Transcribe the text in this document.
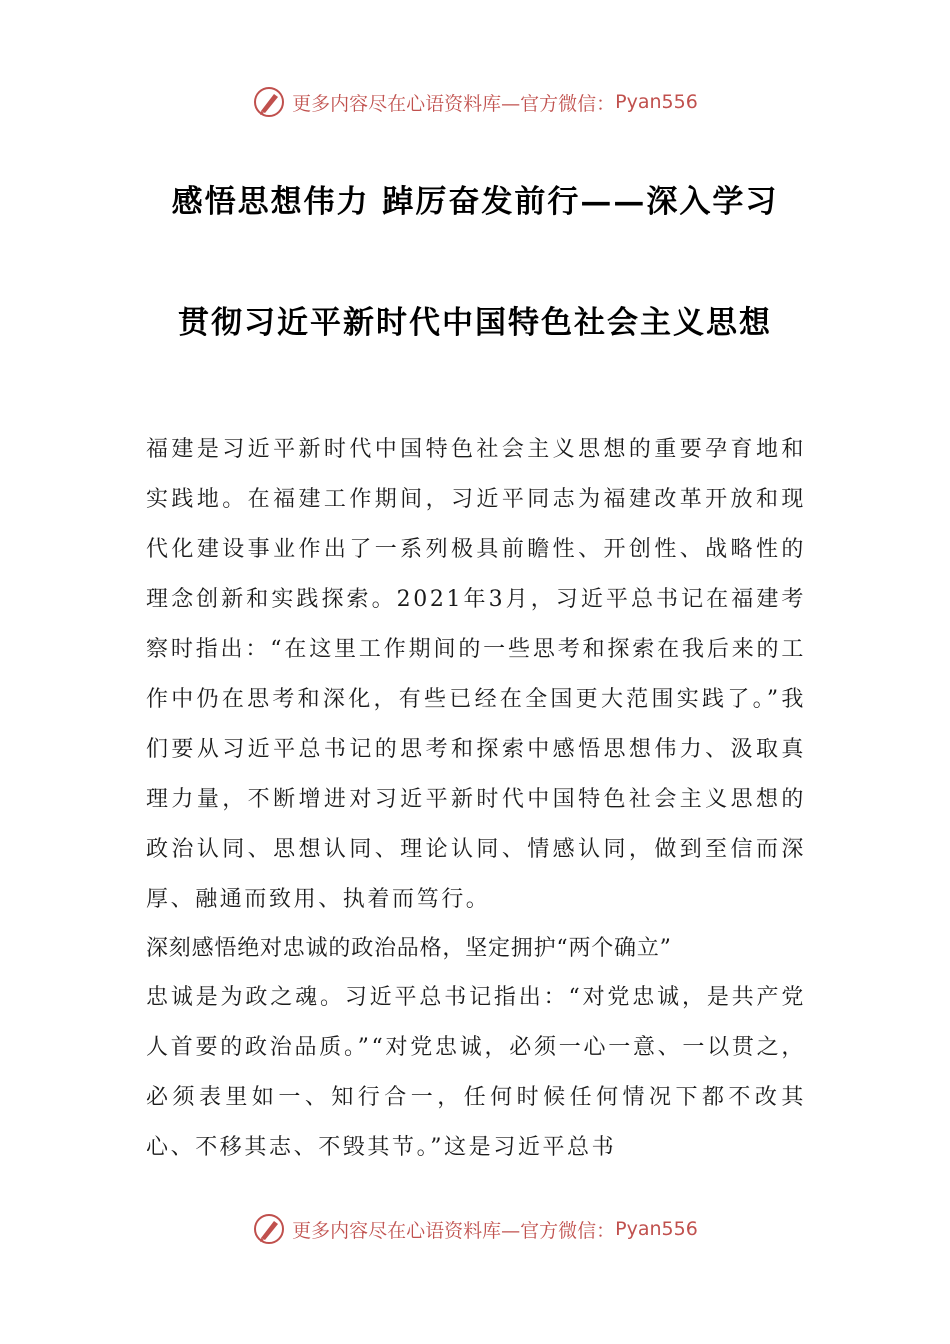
更多内容尽在心语资料库—官方微信： Pyan556
感悟思想伟力 踔厉奋发前行——深入学习
贯彻习近平新时代中国特色社会主义思想

福建是习近平新时代中国特色社会主义思想的重要孕育地和实践地。在福建工作期间，习近平同志为福建改革开放和现代化建设事业作出了一系列极具前瞻性、开创性、战略性的理念创新和实践探索。2021年3月，习近平总书记在福建考察时指出：“在这里工作期间的一些思考和探索在我后来的工作中仍在思考和深化，有些已经在全国更大范围实践了。”我们要从习近平总书记的思考和探索中感悟思想伟力、汲取真理力量，不断增进对习近平新时代中国特色社会主义思想的政治认同、思想认同、理论认同、情感认同，做到至信而深厚、融通而致用、执着而笃行。

深刻感悟绝对忠诚的政治品格，坚定拥护“两个确立”

忠诚是为政之魂。习近平总书记指出：“对党忠诚，是共产党人首要的政治品质。”“对党忠诚，必须一心一意、一以贯之，必须表里如一、知行合一，任何时候任何情况下都不改其心、不移其志、不毁其节。”这是习近平总书

更多内容尽在心语资料库—官方微信： Pyan556
